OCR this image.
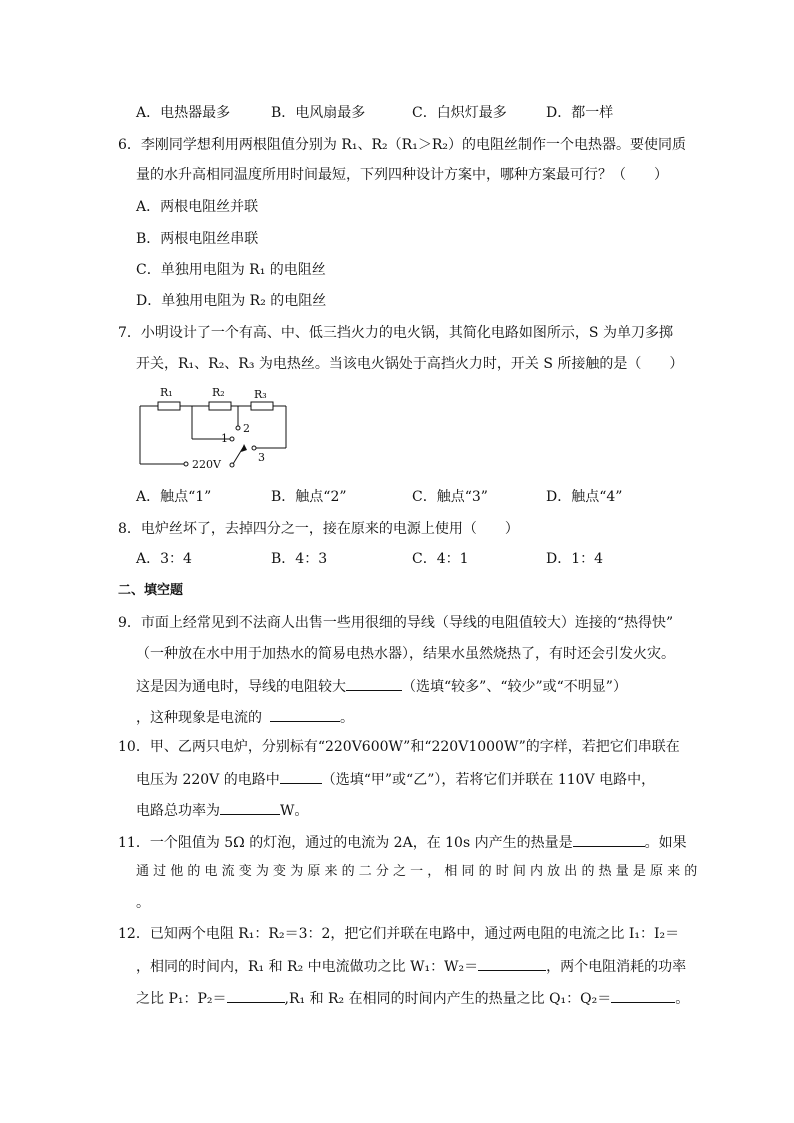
A．电热器最多	B．电风扇最多	C．白炽灯最多	D．都一样
6．李刚同学想利用两根阻值分别为 R₁、R₂（R₁＞R₂）的电阻丝制作一个电热器。要使同质
量的水升高相同温度所用时间最短，下列四种设计方案中，哪种方案最可行？（　　）
A．两根电阻丝并联
B．两根电阻丝串联
C．单独用电阻为 R₁ 的电阻丝
D．单独用电阻为 R₂ 的电阻丝
7．小明设计了一个有高、中、低三挡火力的电火锅，其简化电路如图所示，S 为单刀多掷
开关，R₁、R₂、R₃ 为电热丝。当该电火锅处于高挡火力时，开关 S 所接触的是（　　）
R₁	R₂	R₃
1
2
3
220V
A．触点“1”	B．触点“2”	C．触点“3”	D．触点“4”
8．电炉丝坏了，去掉四分之一，接在原来的电源上使用（　　）
A．3：4	B．4：3	C．4：1	D．1：4
二、填空题
9．市面上经常见到不法商人出售一些用很细的导线（导线的电阻值较大）连接的“热得快”
（一种放在水中用于加热水的简易电热水器），结果水虽然烧热了，有时还会引发火灾。
这是因为通电时，导线的电阻较大	（选填“较多”、“较少”或“不明显”）
，这种现象是电流的	。
10．甲、乙两只电炉，分别标有“220V600W”和“220V1000W”的字样，若把它们串联在
电压为 220V 的电路中	（选填“甲”或“乙”），若将它们并联在 110V 电路中，
电路总功率为	W。
11．一个阻值为 5Ω 的灯泡，通过的电流为 2A，在 10s 内产生的热量是	。如果
通 过 他 的 电 流 变 为 变 为 原 来 的 二 分 之 一 ， 相 同 的 时 间 内 放 出 的 热 量 是 原 来 的
。
12．已知两个电阻 R₁：R₂＝3：2，把它们并联在电路中，通过两电阻的电流之比 I₁：I₂＝
，相同的时间内，R₁ 和 R₂ 中电流做功之比 W₁：W₂＝	，两个电阻消耗的功率
之比 P₁：P₂＝	,R₁ 和 R₂ 在相同的时间内产生的热量之比 Q₁：Q₂＝	。
